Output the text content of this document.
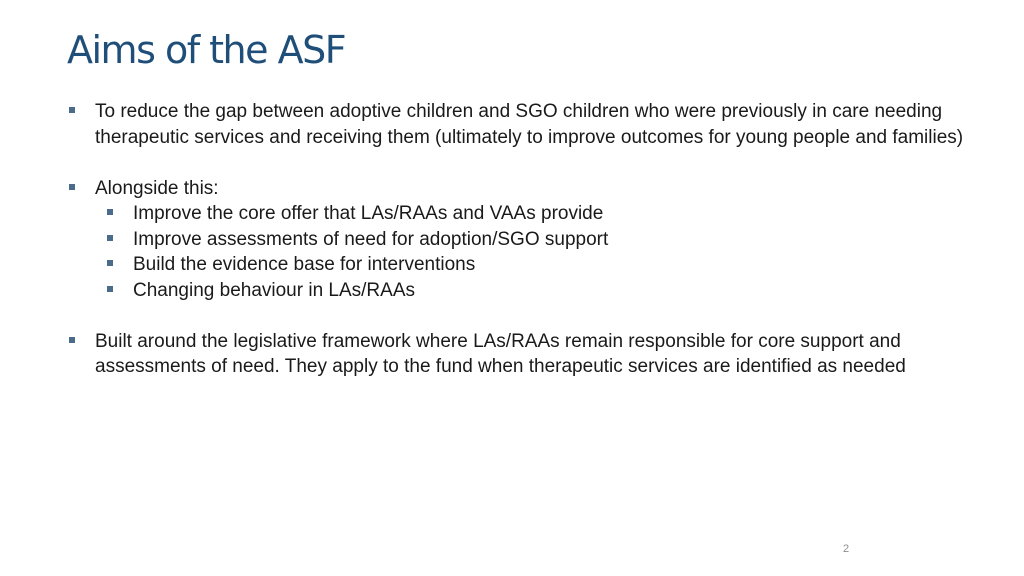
Aims of the ASF
To reduce the gap between adoptive children and SGO children who were previously in care needing therapeutic services and receiving them (ultimately to improve outcomes for young people and families)
Alongside this:
Improve the core offer that LAs/RAAs and VAAs provide
Improve assessments of need for adoption/SGO support
Build the evidence base for interventions
Changing behaviour in LAs/RAAs
Built around the legislative framework where LAs/RAAs remain responsible for core support and assessments of need. They apply to the fund when therapeutic services are identified as needed
2
